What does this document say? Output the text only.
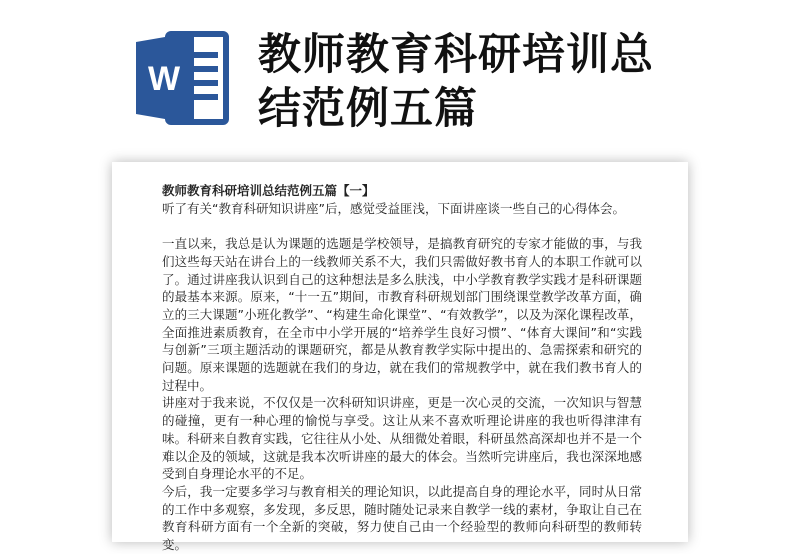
W 教师教育科研培训总结范例五篇

教师教育科研培训总结范例五篇【一】

听了有关“教育科研知识讲座”后，感觉受益匪浅，下面讲座谈一些自己的心得体会。

一直以来，我总是认为课题的选题是学校领导，是搞教育研究的专家才能做的事，与我们这些每天站在讲台上的一线教师关系不大，我们只需做好教书育人的本职工作就可以了。通过讲座我认识到自己的这种想法是多么肤浅，中小学教育教学实践才是科研课题的最基本来源。原来，“十一五”期间，市教育科研规划部门围绕课堂教学改革方面，确立的三大课题”小班化教学”、“构建生命化课堂”、“有效教学”，以及为深化课程改革，全面推进素质教育，在全市中小学开展的“培养学生良好习惯”、“体育大课间”和“实践与创新”三项主题活动的课题研究，都是从教育教学实际中提出的、急需探索和研究的问题。原来课题的选题就在我们的身边，就在我们的常规教学中，就在我们教书育人的过程中。

讲座对于我来说，不仅仅是一次科研知识讲座，更是一次心灵的交流，一次知识与智慧的碰撞，更有一种心理的愉悦与享受。这让从来不喜欢听理论讲座的我也听得津津有味。科研来自教育实践，它往往从小处、从细微处着眼，科研虽然高深却也并不是一个难以企及的领域，这就是我本次听讲座的最大的体会。当然听完讲座后，我也深深地感受到自身理论水平的不足。

今后，我一定要多学习与教育相关的理论知识，以此提高自身的理论水平，同时从日常的工作中多观察，多发现，多反思，随时随处记录来自教学一线的素材，争取让自己在教育科研方面有一个全新的突破，努力使自己由一个经验型的教师向科研型的教师转变。
